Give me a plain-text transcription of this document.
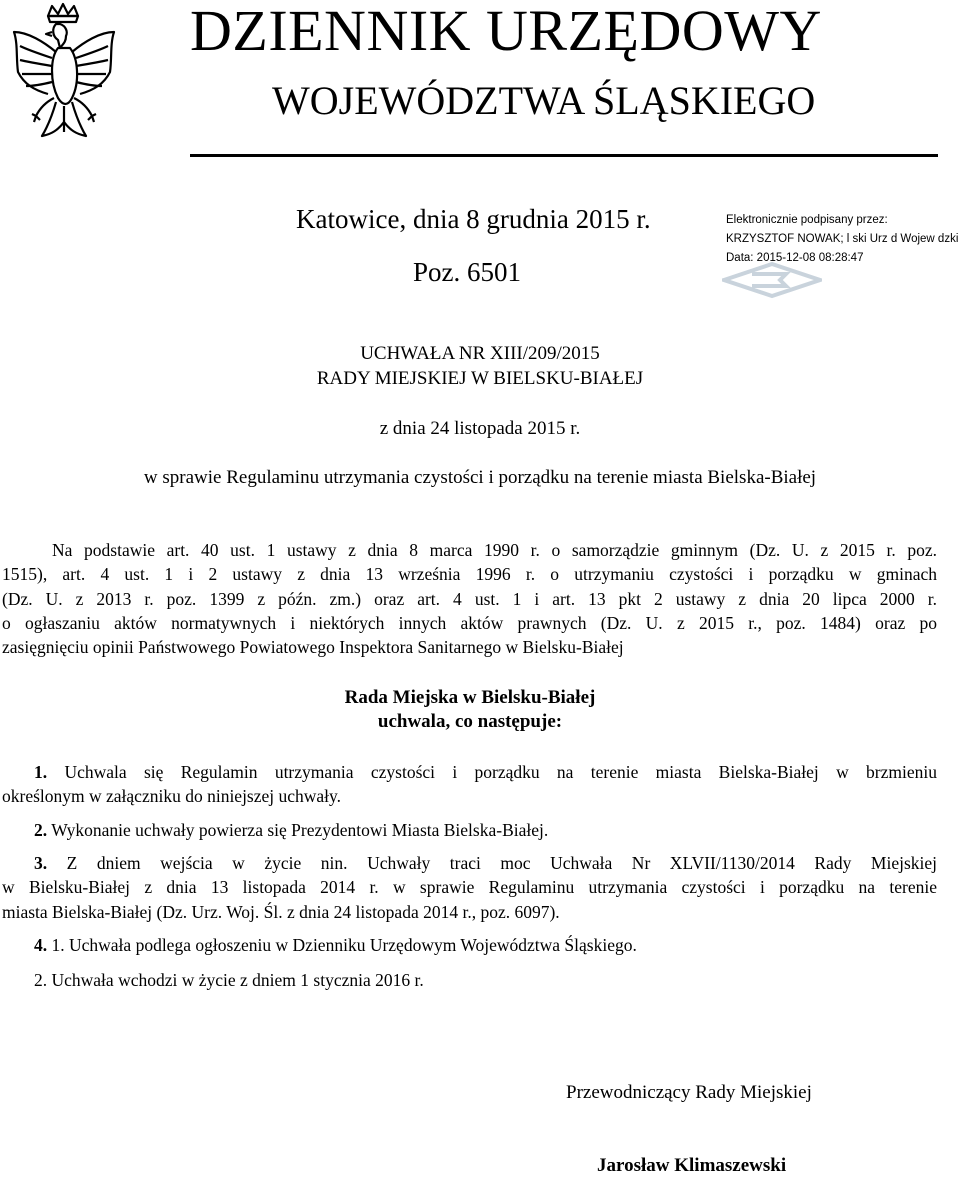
DZIENNIK URZĘDOWY
WOJEWÓDZTWA ŚLĄSKIEGO
Katowice, dnia 8 grudnia 2015 r.
Poz. 6501
Elektronicznie podpisany przez:
KRZYSZTOF NOWAK; l ski Urz d Wojew dzki
Data: 2015-12-08 08:28:47
UCHWAŁA NR XIII/209/2015
RADY MIEJSKIEJ W BIELSKU-BIAŁEJ
z dnia 24 listopada 2015 r.
w sprawie Regulaminu utrzymania czystości i porządku na terenie miasta Bielska-Białej
Na podstawie art. 40 ust. 1 ustawy z dnia 8 marca 1990 r. o samorządzie gminnym (Dz. U. z 2015 r. poz.
1515), art. 4 ust. 1 i 2 ustawy z dnia 13 września 1996 r. o utrzymaniu czystości i porządku w gminach
(Dz. U. z 2013 r. poz. 1399 z późn. zm.) oraz art. 4 ust. 1 i art. 13 pkt 2 ustawy z dnia 20 lipca 2000 r.
o ogłaszaniu aktów normatywnych i niektórych innych aktów prawnych (Dz. U. z 2015 r., poz. 1484) oraz po
zasięgnięciu opinii Państwowego Powiatowego Inspektora Sanitarnego w Bielsku-Białej
Rada Miejska w Bielsku-Białej
uchwala, co następuje:
1. Uchwala się Regulamin utrzymania czystości i porządku na terenie miasta Bielska-Białej w brzmieniu
określonym w załączniku do niniejszej uchwały.
2. Wykonanie uchwały powierza się Prezydentowi Miasta Bielska-Białej.
3. Z dniem wejścia w życie nin. Uchwały traci moc Uchwała Nr XLVII/1130/2014 Rady Miejskiej
w Bielsku-Białej z dnia 13 listopada 2014 r. w sprawie Regulaminu utrzymania czystości i porządku na terenie
miasta Bielska-Białej (Dz. Urz. Woj. Śl. z dnia 24 listopada 2014 r., poz. 6097).
4. 1. Uchwała podlega ogłoszeniu w Dzienniku Urzędowym Województwa Śląskiego.
2. Uchwała wchodzi w życie z dniem 1 stycznia 2016 r.
Przewodniczący Rady Miejskiej
Jarosław Klimaszewski
